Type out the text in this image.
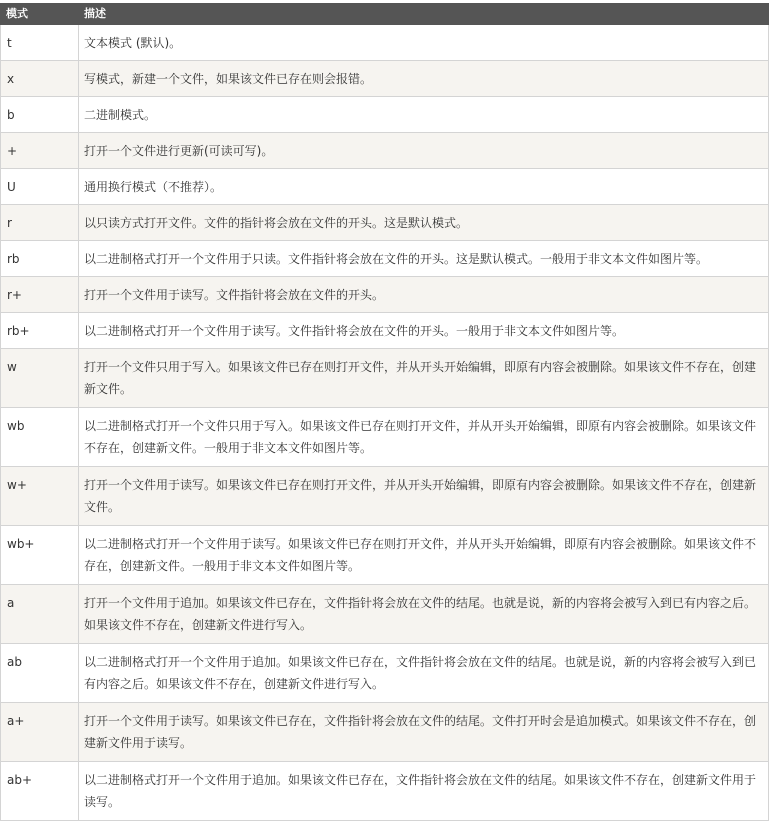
模式	描述
t	文本模式 (默认)。
x	写模式，新建一个文件，如果该文件已存在则会报错。
b	二进制模式。
+	打开一个文件进行更新(可读可写)。
U	通用换行模式（不推荐）。
r	以只读方式打开文件。文件的指针将会放在文件的开头。这是默认模式。
rb	以二进制格式打开一个文件用于只读。文件指针将会放在文件的开头。这是默认模式。一般用于非文本文件如图片等。
r+	打开一个文件用于读写。文件指针将会放在文件的开头。
rb+	以二进制格式打开一个文件用于读写。文件指针将会放在文件的开头。一般用于非文本文件如图片等。
w	打开一个文件只用于写入。如果该文件已存在则打开文件，并从开头开始编辑，即原有内容会被删除。如果该文件不存在，创建新文件。
wb	以二进制格式打开一个文件只用于写入。如果该文件已存在则打开文件，并从开头开始编辑，即原有内容会被删除。如果该文件不存在，创建新文件。一般用于非文本文件如图片等。
w+	打开一个文件用于读写。如果该文件已存在则打开文件，并从开头开始编辑，即原有内容会被删除。如果该文件不存在，创建新文件。
wb+	以二进制格式打开一个文件用于读写。如果该文件已存在则打开文件，并从开头开始编辑，即原有内容会被删除。如果该文件不存在，创建新文件。一般用于非文本文件如图片等。
a	打开一个文件用于追加。如果该文件已存在，文件指针将会放在文件的结尾。也就是说，新的内容将会被写入到已有内容之后。如果该文件不存在，创建新文件进行写入。
ab	以二进制格式打开一个文件用于追加。如果该文件已存在，文件指针将会放在文件的结尾。也就是说，新的内容将会被写入到已有内容之后。如果该文件不存在，创建新文件进行写入。
a+	打开一个文件用于读写。如果该文件已存在，文件指针将会放在文件的结尾。文件打开时会是追加模式。如果该文件不存在，创建新文件用于读写。
ab+	以二进制格式打开一个文件用于追加。如果该文件已存在，文件指针将会放在文件的结尾。如果该文件不存在，创建新文件用于读写。
